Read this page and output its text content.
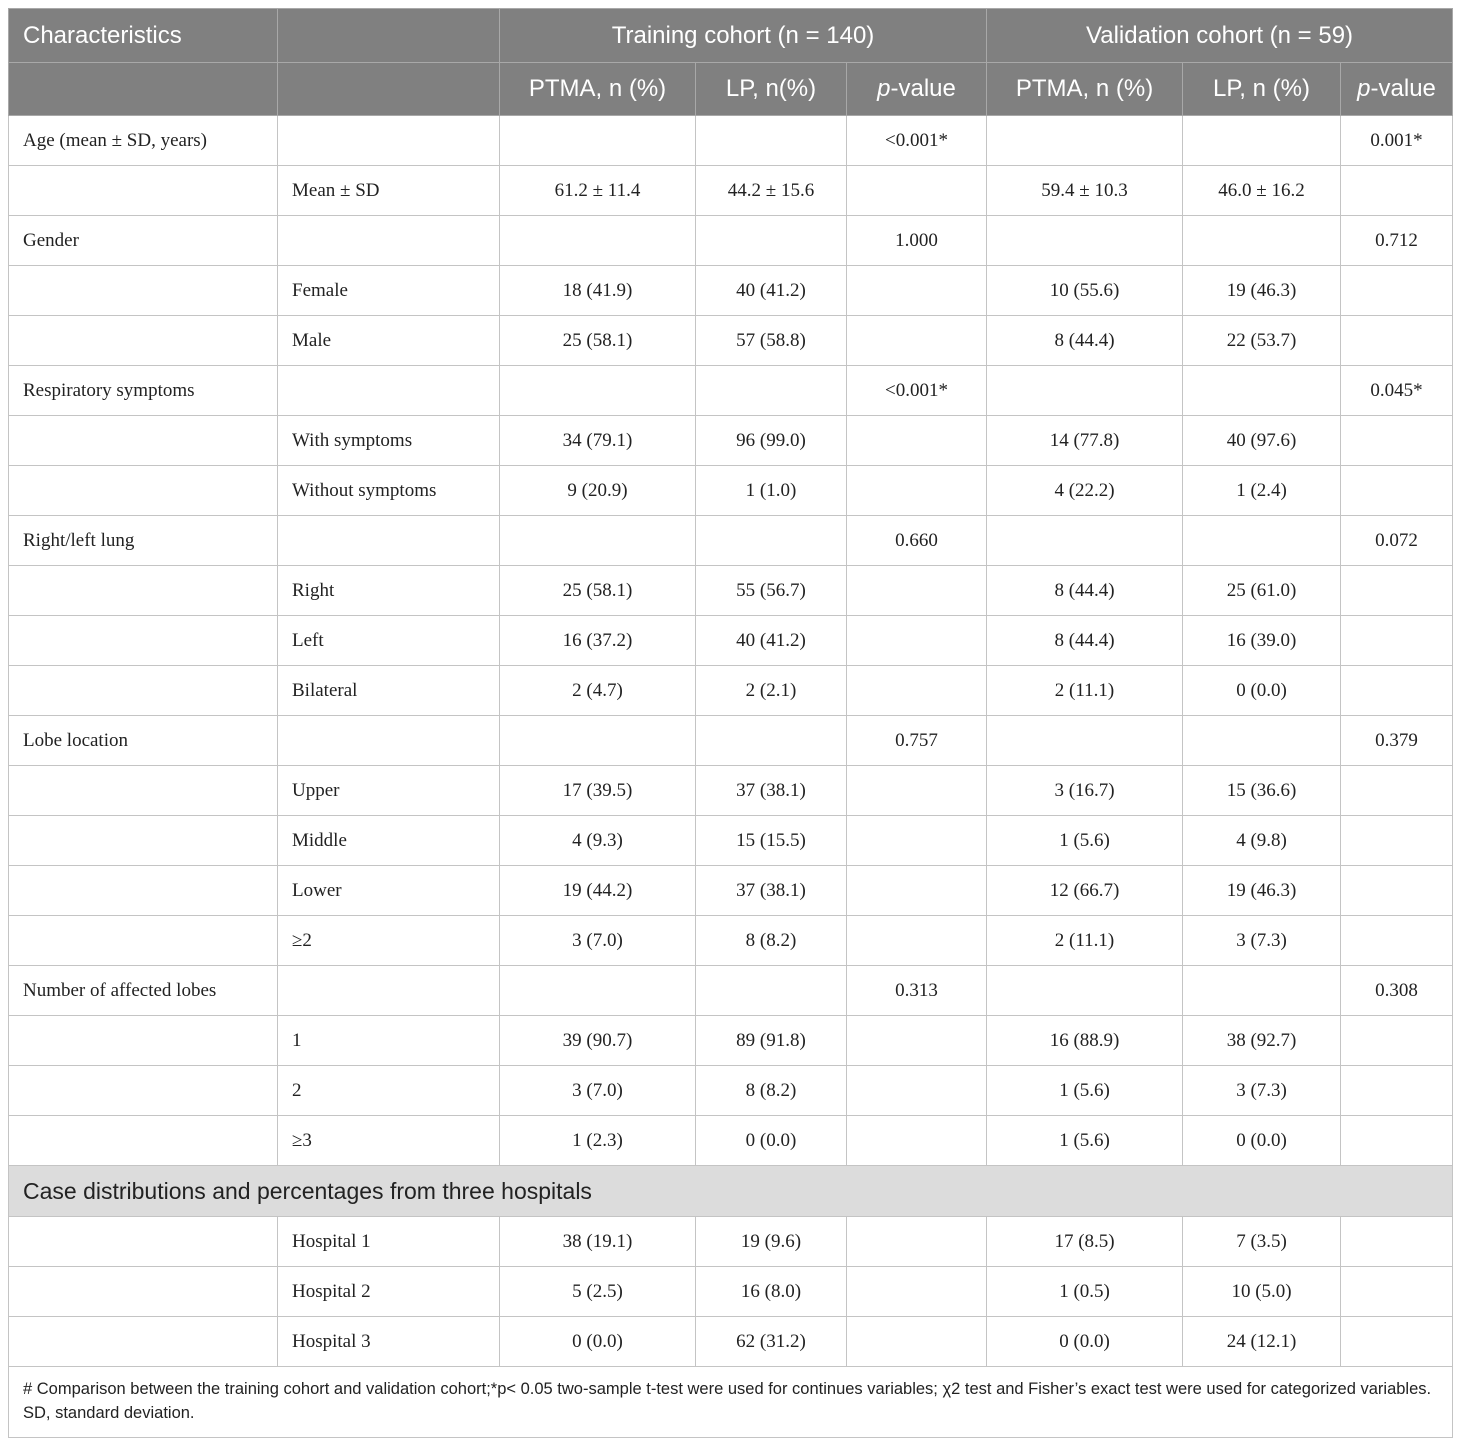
Characteristics		Training cohort (n = 140)			Validation cohort (n = 59)		
		PTMA, n (%)	LP, n(%)	p-value	PTMA, n (%)	LP, n (%)	p-value
Age (mean ± SD, years)				<0.001*			0.001*
	Mean ± SD	61.2 ± 11.4	44.2 ± 15.6		59.4 ± 10.3	46.0 ± 16.2	
Gender				1.000			0.712
	Female	18 (41.9)	40 (41.2)		10 (55.6)	19 (46.3)	
	Male	25 (58.1)	57 (58.8)		8 (44.4)	22 (53.7)	
Respiratory symptoms				<0.001*			0.045*
	With symptoms	34 (79.1)	96 (99.0)		14 (77.8)	40 (97.6)	
	Without symptoms	9 (20.9)	1 (1.0)		4 (22.2)	1 (2.4)	
Right/left lung				0.660			0.072
	Right	25 (58.1)	55 (56.7)		8 (44.4)	25 (61.0)	
	Left	16 (37.2)	40 (41.2)		8 (44.4)	16 (39.0)	
	Bilateral	2 (4.7)	2 (2.1)		2 (11.1)	0 (0.0)	
Lobe location				0.757			0.379
	Upper	17 (39.5)	37 (38.1)		3 (16.7)	15 (36.6)	
	Middle	4 (9.3)	15 (15.5)		1 (5.6)	4 (9.8)	
	Lower	19 (44.2)	37 (38.1)		12 (66.7)	19 (46.3)	
	≥2	3 (7.0)	8 (8.2)		2 (11.1)	3 (7.3)	
Number of affected lobes				0.313			0.308
	1	39 (90.7)	89 (91.8)		16 (88.9)	38 (92.7)	
	2	3 (7.0)	8 (8.2)		1 (5.6)	3 (7.3)	
	≥3	1 (2.3)	0 (0.0)		1 (5.6)	0 (0.0)	
Case distributions and percentages from three hospitals							
	Hospital 1	38 (19.1)	19 (9.6)		17 (8.5)	7 (3.5)	
	Hospital 2	5 (2.5)	16 (8.0)		1 (0.5)	10 (5.0)	
	Hospital 3	0 (0.0)	62 (31.2)		0 (0.0)	24 (12.1)	
# Comparison between the training cohort and validation cohort;*p< 0.05 two-sample t-test were used for continues variables; χ2 test and Fisher’s exact test were used for categorized variables. SD, standard deviation.							
